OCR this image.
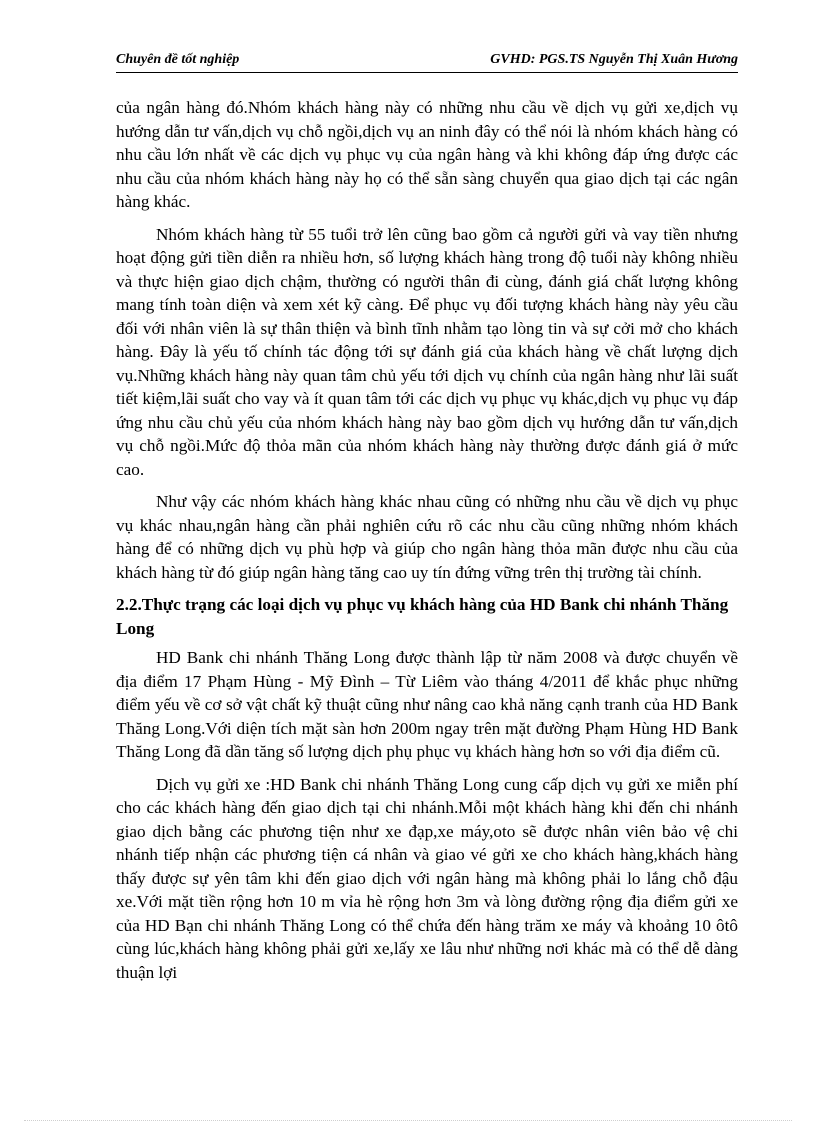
Chuyên đề tốt nghiệp	GVHD: PGS.TS Nguyễn Thị Xuân Hương

của ngân hàng đó.Nhóm khách hàng này có những nhu cầu về dịch vụ gửi xe,dịch vụ hướng dẫn tư vấn,dịch vụ chỗ ngồi,dịch vụ an ninh đây có thể nói là nhóm khách hàng có nhu cầu lớn nhất về các dịch vụ phục vụ của ngân hàng và khi không đáp ứng được các nhu cầu của nhóm khách hàng này họ có thể sẵn sàng chuyển qua giao dịch tại các ngân hàng khác.

Nhóm khách hàng từ 55 tuổi trở lên cũng bao gồm cả người gửi và vay tiền nhưng hoạt động gửi tiền diễn ra nhiều hơn, số lượng khách hàng trong độ tuổi này không nhiều và thực hiện giao dịch chậm, thường có người thân đi cùng, đánh giá chất lượng không mang tính toàn diện và xem xét kỹ càng. Để phục vụ đối tượng khách hàng này yêu cầu đối với nhân viên là sự thân thiện và bình tĩnh nhằm tạo lòng tin và sự cởi mở cho khách hàng. Đây là yếu tố chính tác động tới sự đánh giá của khách hàng về chất lượng dịch vụ.Những khách hàng này quan tâm chủ yếu tới dịch vụ chính của ngân hàng như lãi suất tiết kiệm,lãi suất cho vay và ít quan tâm tới các dịch vụ phục vụ khác,dịch vụ phục vụ đáp ứng nhu cầu chủ yếu của nhóm khách hàng này bao gồm dịch vụ hướng dẫn tư vấn,dịch vụ chỗ ngồi.Mức độ thỏa mãn của nhóm khách hàng này thường được đánh giá ở mức cao.

Như vậy các nhóm khách hàng khác nhau cũng có những nhu cầu về dịch vụ phục vụ khác nhau,ngân hàng cần phải nghiên cứu rõ các nhu cầu cũng những nhóm khách hàng để có những dịch vụ phù hợp và giúp cho ngân hàng thỏa mãn được nhu cầu của khách hàng từ đó giúp ngân hàng tăng cao uy tín đứng vững trên thị trường tài chính.

2.2.Thực trạng các loại dịch vụ phục vụ khách hàng của HD Bank chi nhánh Thăng Long

HD Bank chi nhánh Thăng Long được thành lập từ năm 2008 và được chuyển về địa điểm 17 Phạm Hùng - Mỹ Đình – Từ Liêm vào tháng 4/2011 để khắc phục những điểm yếu về cơ sở vật chất kỹ thuật cũng như nâng cao khả năng cạnh tranh của HD Bank Thăng Long.Với diện tích mặt sàn hơn 200m ngay trên mặt đường Phạm Hùng HD Bank Thăng Long đã dần tăng số lượng dịch phụ phục vụ khách hàng hơn so với địa điểm cũ.

Dịch vụ gửi xe :HD Bank chi nhánh Thăng Long cung cấp dịch vụ gửi xe miễn phí cho các khách hàng đến giao dịch tại chi nhánh.Mỗi một khách hàng khi đến chi nhánh giao dịch bằng các phương tiện như xe đạp,xe máy,oto sẽ được nhân viên bảo vệ chi nhánh tiếp nhận các phương tiện cá nhân và giao vé gửi xe cho khách hàng,khách hàng thấy được sự yên tâm khi đến giao dịch với ngân hàng mà không phải lo lắng chỗ đậu xe.Với mặt tiền rộng hơn 10 m vỉa hè rộng hơn 3m và lòng đường rộng địa điểm gửi xe của HD Bạn chi nhánh Thăng Long có thể chứa đến hàng trăm xe máy và khoảng 10 ôtô cùng lúc,khách hàng không phải gửi xe,lấy xe lâu như những nơi khác mà có thể dễ dàng thuận lợi
